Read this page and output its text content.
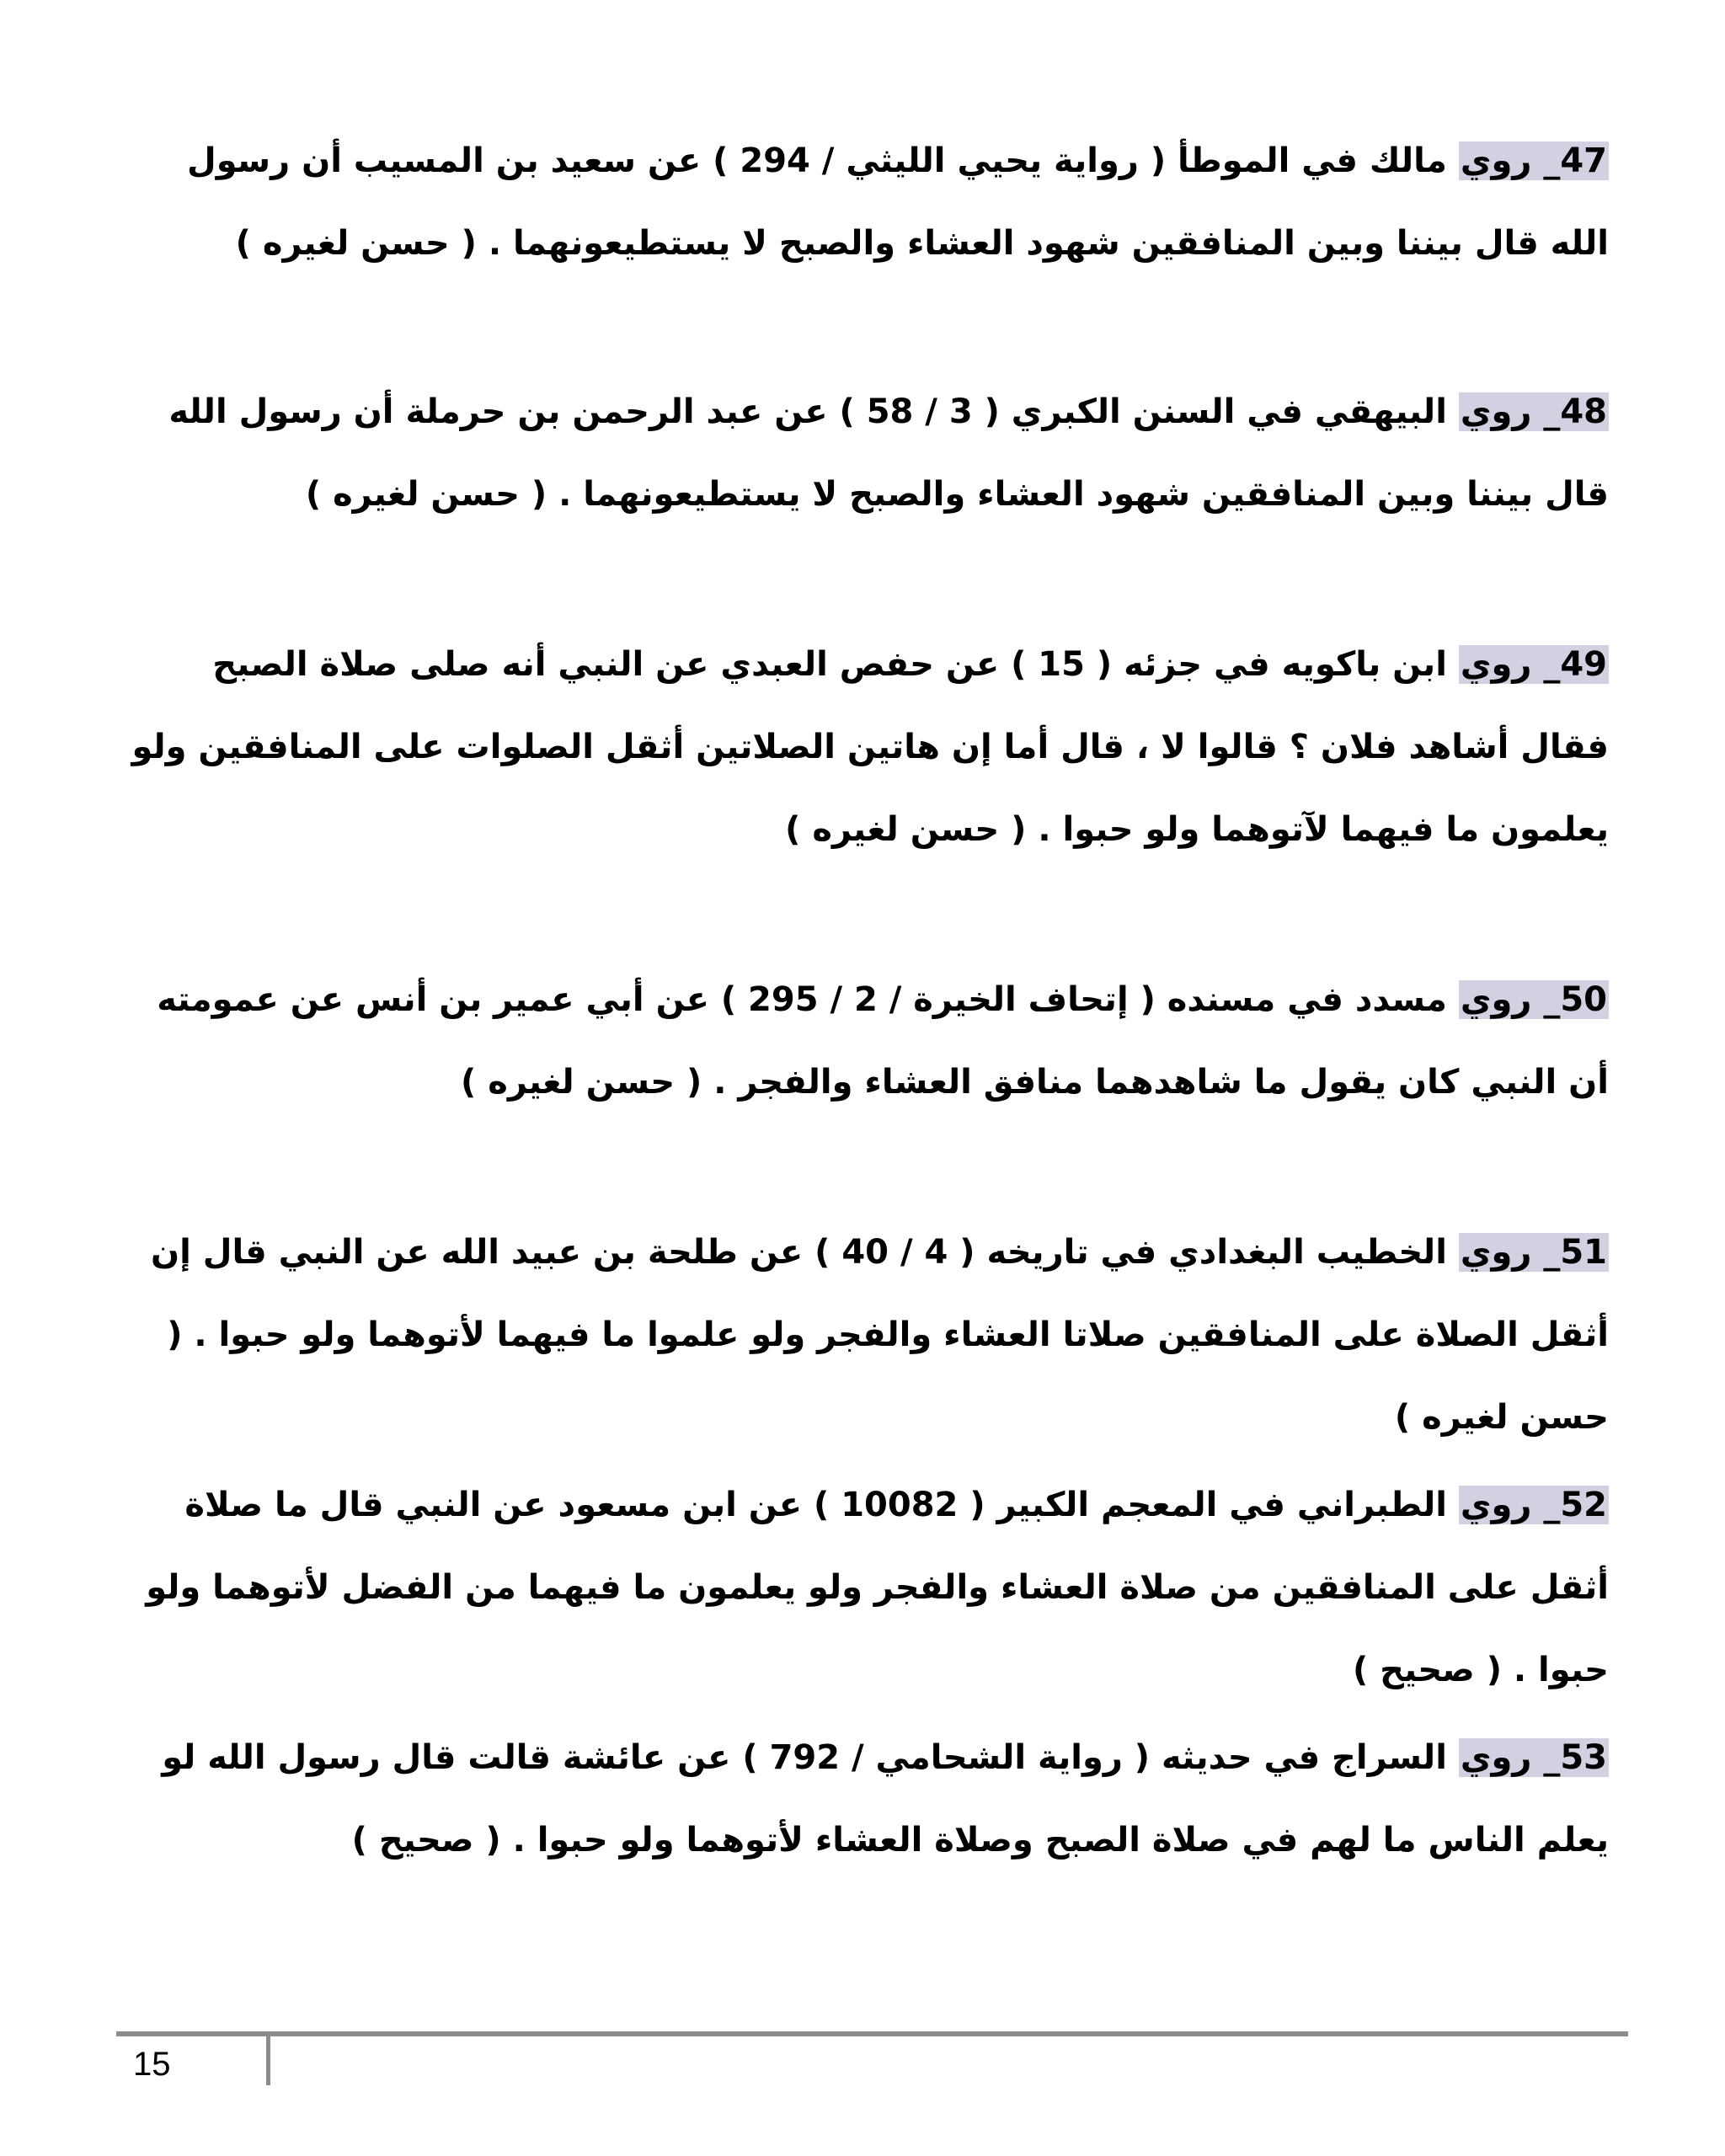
47_ روي مالك في الموطأ ( رواية يحيي الليثي / 294 ) عن سعيد بن المسيب أن رسول الله قال بيننا وبين المنافقين شهود العشاء والصبح لا يستطيعونهما . ( حسن لغيره )

48_ روي البيهقي في السنن الكبري ( 3 / 58 ) عن عبد الرحمن بن حرملة أن رسول الله قال بيننا وبين المنافقين شهود العشاء والصبح لا يستطيعونهما . ( حسن لغيره )

49_ روي ابن باكويه في جزئه ( 15 ) عن حفص العبدي عن النبي أنه صلى صلاة الصبح فقال أشاهد فلان ؟ قالوا لا ، قال أما إن هاتين الصلاتين أثقل الصلوات على المنافقين ولو يعلمون ما فيهما لآتوهما ولو حبوا . ( حسن لغيره )

50_ روي مسدد في مسنده ( إتحاف الخيرة / 2 / 295 ) عن أبي عمير بن أنس عن عمومته أن النبي كان يقول ما شاهدهما منافق العشاء والفجر . ( حسن لغيره )

51_ روي الخطيب البغدادي في تاريخه ( 4 / 40 ) عن طلحة بن عبيد الله عن النبي قال إن أثقل الصلاة على المنافقين صلاتا العشاء والفجر ولو علموا ما فيهما لأتوهما ولو حبوا . ( حسن لغيره )

52_ روي الطبراني في المعجم الكبير ( 10082 ) عن ابن مسعود عن النبي قال ما صلاة أثقل على المنافقين من صلاة العشاء والفجر ولو يعلمون ما فيهما من الفضل لأتوهما ولو حبوا . ( صحيح )

53_ روي السراج في حديثه ( رواية الشحامي / 792 ) عن عائشة قالت قال رسول الله لو يعلم الناس ما لهم في صلاة الصبح وصلاة العشاء لأتوهما ولو حبوا . ( صحيح )

15
